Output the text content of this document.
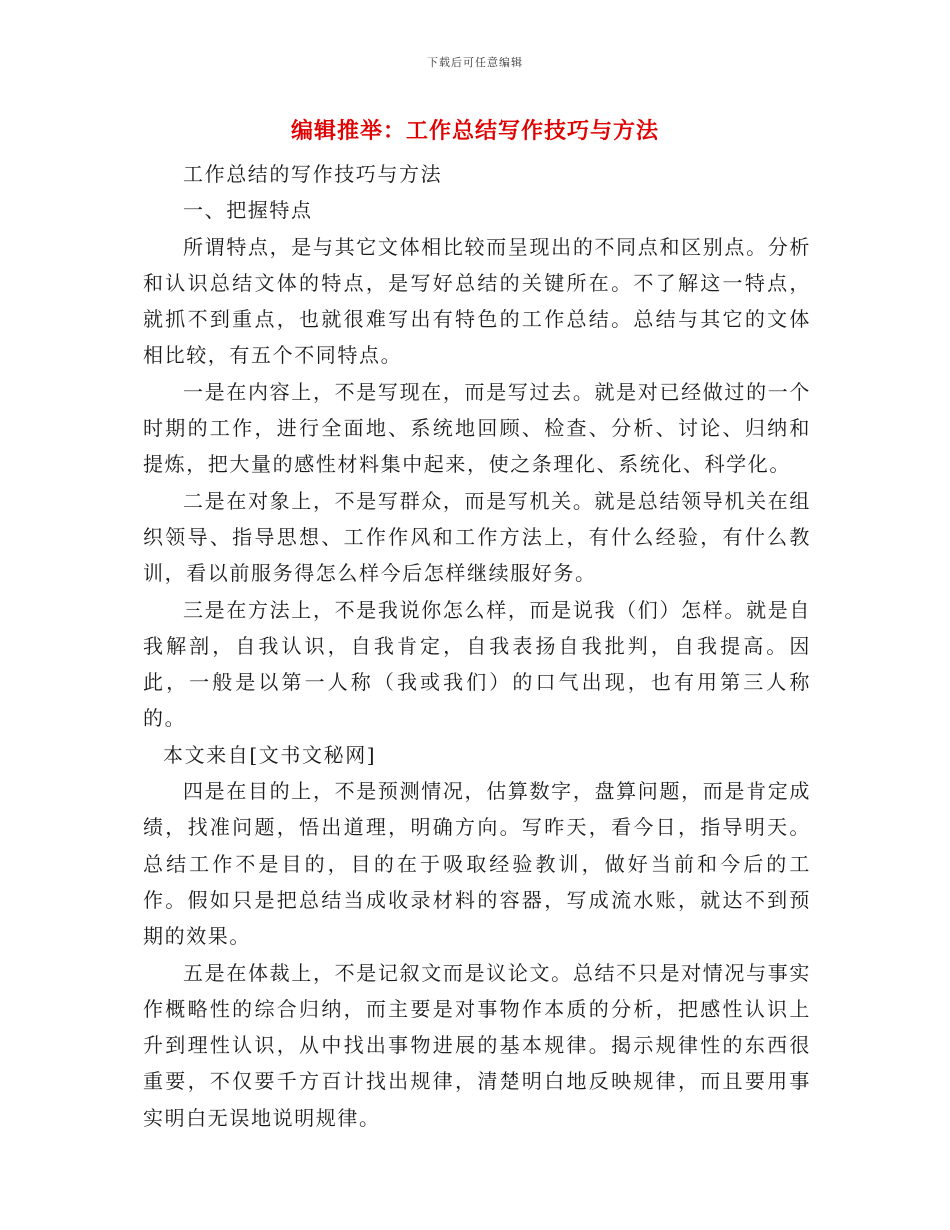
下载后可任意编辑
编辑推举：工作总结写作技巧与方法

工作总结的写作技巧与方法

一、把握特点

所谓特点，是与其它文体相比较而呈现出的不同点和区别点。分析和认识总结文体的特点，是写好总结的关键所在。不了解这一特点，就抓不到重点，也就很难写出有特色的工作总结。总结与其它的文体相比较，有五个不同特点。

一是在内容上，不是写现在，而是写过去。就是对已经做过的一个时期的工作，进行全面地、系统地回顾、检查、分析、讨论、归纳和提炼，把大量的感性材料集中起来，使之条理化、系统化、科学化。

二是在对象上，不是写群众，而是写机关。就是总结领导机关在组织领导、指导思想、工作作风和工作方法上，有什么经验，有什么教训，看以前服务得怎么样今后怎样继续服好务。

三是在方法上，不是我说你怎么样，而是说我（们）怎样。就是自我解剖，自我认识，自我肯定，自我表扬自我批判，自我提高。因此，一般是以第一人称（我或我们）的口气出现，也有用第三人称的。

本文来自[文书文秘网]

四是在目的上，不是预测情况，估算数字，盘算问题，而是肯定成绩，找准问题，悟出道理，明确方向。写昨天，看今日，指导明天。总结工作不是目的，目的在于吸取经验教训，做好当前和今后的工作。假如只是把总结当成收录材料的容器，写成流水账，就达不到预期的效果。

五是在体裁上，不是记叙文而是议论文。总结不只是对情况与事实作概略性的综合归纳，而主要是对事物作本质的分析，把感性认识上升到理性认识，从中找出事物进展的基本规律。揭示规律性的东西很重要，不仅要千方百计找出规律，清楚明白地反映规律，而且要用事实明白无误地说明规律。
